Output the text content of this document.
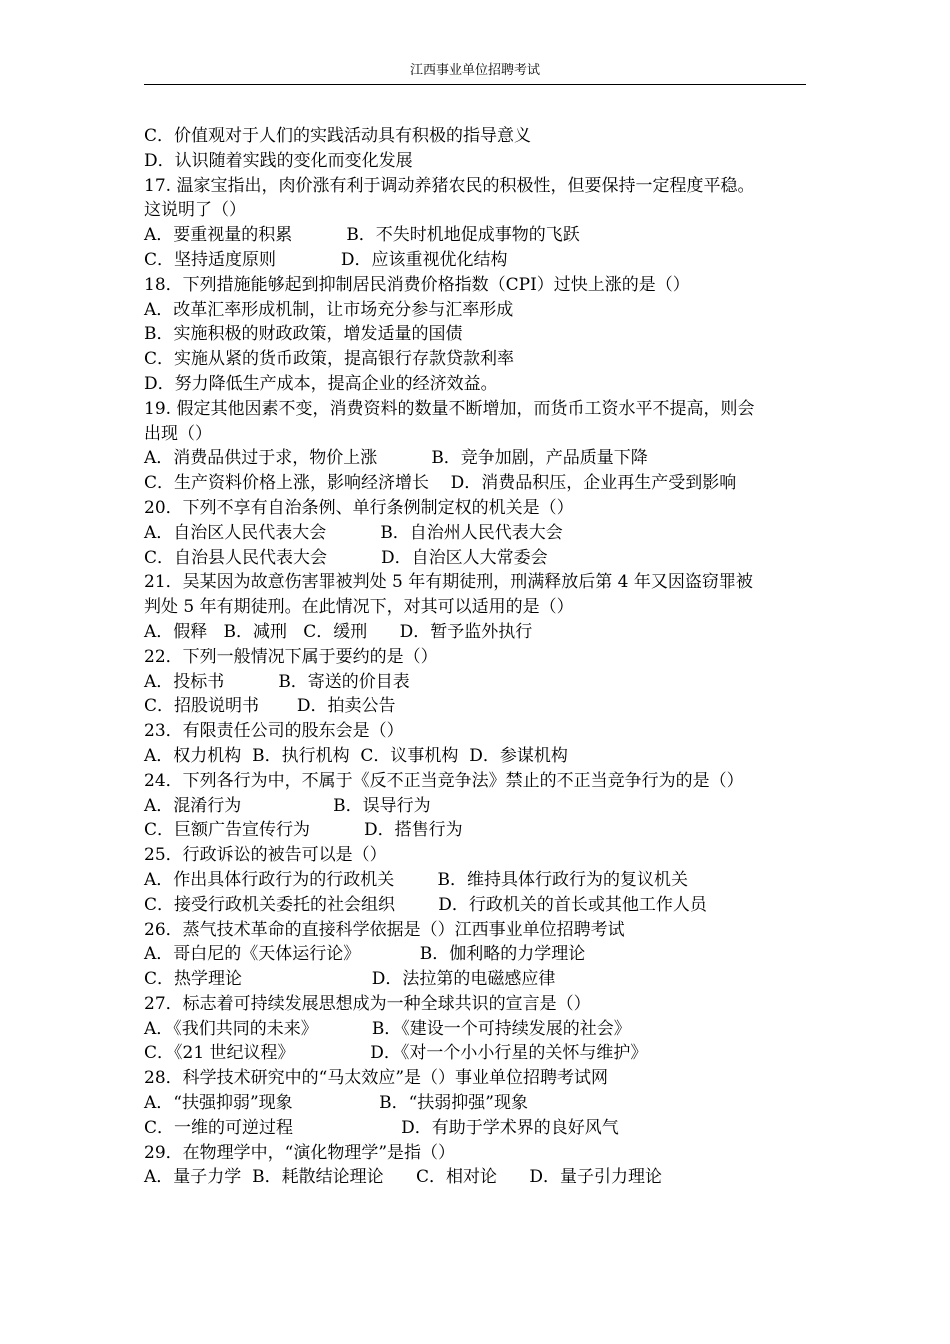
江西事业单位招聘考试
C．价值观对于人们的实践活动具有积极的指导意义
D．认识随着实践的变化而变化发展
17. 温家宝指出，肉价涨有利于调动养猪农民的积极性，但要保持一定程度平稳。
这说明了（）
A．要重视量的积累          B．不失时机地促成事物的飞跃
C．坚持适度原则            D．应该重视优化结构
18．下列措施能够起到抑制居民消费价格指数（CPI）过快上涨的是（）
A．改革汇率形成机制，让市场充分参与汇率形成
B．实施积极的财政政策，增发适量的国债
C．实施从紧的货币政策，提高银行存款贷款利率
D．努力降低生产成本，提高企业的经济效益。
19. 假定其他因素不变，消费资料的数量不断增加，而货币工资水平不提高，则会
出现（）
A．消费品供过于求，物价上涨          B．竞争加剧，产品质量下降
C．生产资料价格上涨，影响经济增长    D．消费品积压，企业再生产受到影响
20．下列不享有自治条例、单行条例制定权的机关是（）
A．自治区人民代表大会          B．自治州人民代表大会
C．自治县人民代表大会          D．自治区人大常委会
21．吴某因为故意伤害罪被判处 5 年有期徒刑，刑满释放后第 4 年又因盗窃罪被
判处 5 年有期徒刑。在此情况下，对其可以适用的是（）
A．假释   B．减刑   C．缓刑      D．暂予监外执行
22．下列一般情况下属于要约的是（）
A．投标书          B．寄送的价目表
C．招股说明书       D．拍卖公告
23．有限责任公司的股东会是（）
A．权力机构  B．执行机构  C．议事机构  D．参谋机构
24．下列各行为中，不属于《反不正当竞争法》禁止的不正当竞争行为的是（）
A．混淆行为                 B．误导行为
C．巨额广告宣传行为          D．搭售行为
25．行政诉讼的被告可以是（）
A．作出具体行政行为的行政机关        B．维持具体行政行为的复议机关
C．接受行政机关委托的社会组织        D．行政机关的首长或其他工作人员
26．蒸气技术革命的直接科学依据是（）江西事业单位招聘考试
A．哥白尼的《天体运行论》           B．伽利略的力学理论
C．热学理论                        D．法拉第的电磁感应律
27．标志着可持续发展思想成为一种全球共识的宣言是（）
A．《我们共同的未来》          B．《建设一个可持续发展的社会》
C．《21 世纪议程》              D．《对一个小小行星的关怀与维护》
28．科学技术研究中的“马太效应”是（）事业单位招聘考试网
A．“扶强抑弱”现象                B．“扶弱抑强”现象
C．一维的可逆过程                    D．有助于学术界的良好风气
29．在物理学中，“演化物理学”是指（）
A．量子力学  B．耗散结论理论      C．相对论      D．量子引力理论
